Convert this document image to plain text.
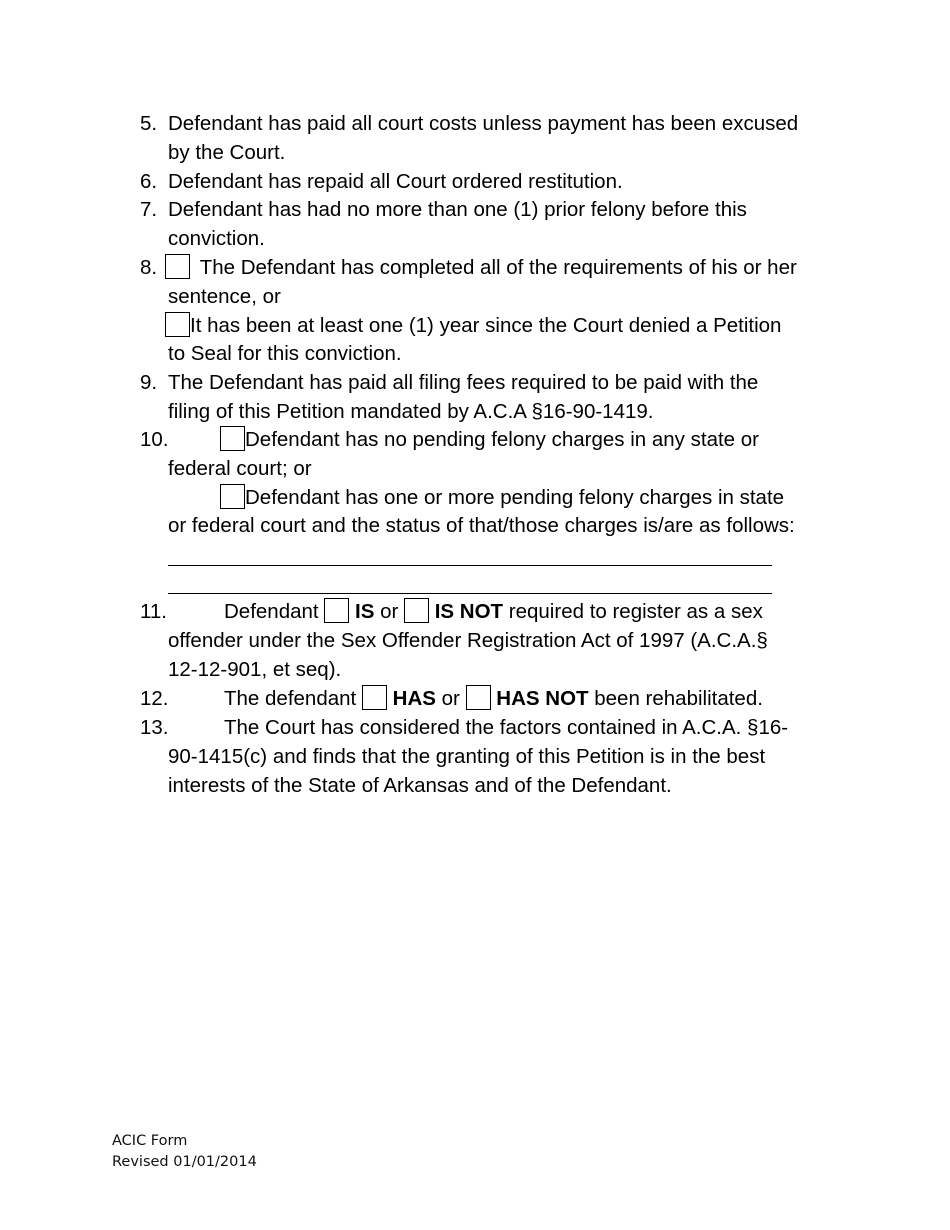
5. Defendant has paid all court costs unless payment has been excused
by the Court.
6. Defendant has repaid all Court ordered restitution.
7. Defendant has had no more than one (1) prior felony before this
conviction.
8.	The Defendant has completed all of the requirements of his or her
sentence, or
It has been at least one (1) year since the Court denied a Petition
to Seal for this conviction.
9. The Defendant has paid all filing fees required to be paid with the
filing of this Petition mandated by A.C.A §16-90-1419.
10.	Defendant has no pending felony charges in any state or
federal court; or
Defendant has one or more pending felony charges in state
or federal court and the status of that/those charges is/are as follows:
11.	Defendant IS or IS NOT required to register as a sex
offender under the Sex Offender Registration Act of 1997 (A.C.A.§
12-12-901, et seq).
12.	The defendant HAS or HAS NOT been rehabilitated.
13.	The Court has considered the factors contained in A.C.A. §16-
90-1415(c) and finds that the granting of this Petition is in the best
interests of the State of Arkansas and of the Defendant.
ACIC Form
Revised 01/01/2014
